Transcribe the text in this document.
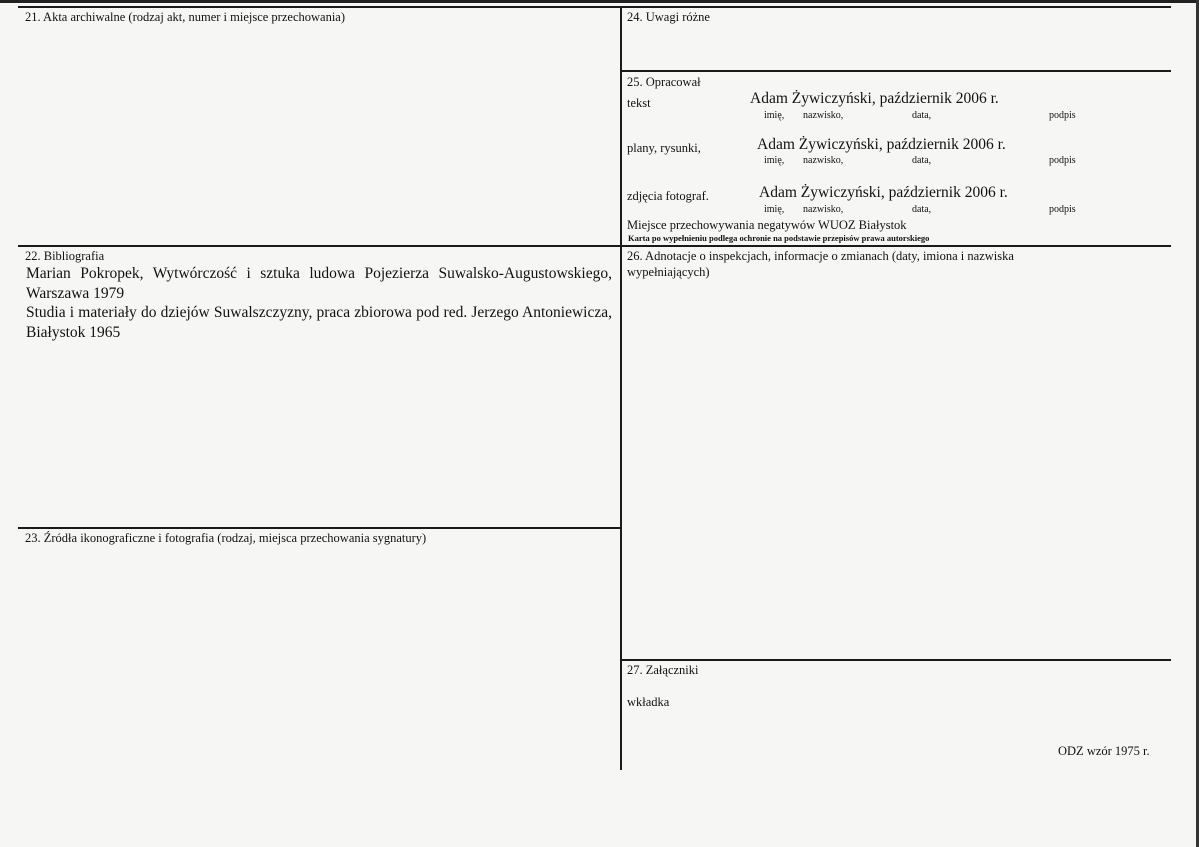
21. Akta archiwalne (rodzaj akt, numer i miejsce przechowania)
22. Bibliografia

Marian Pokropek, Wytwórczość i sztuka ludowa Pojezierza Suwalsko-Augustowskiego, Warszawa 1979

Studia i materiały do dziejów Suwalszczyzny, praca zbiorowa pod red. Jerzego Antoniewicza, Białystok 1965

23. Źródła ikonograficzne i fotografia (rodzaj, miejsca przechowania sygnatury)
24. Uwagi różne
25. Opracował
tekst	Adam Żywiczyński, październik 2006 r.
imię, nazwisko,	data,	podpis
plany, rysunki,	Adam Żywiczyński, październik 2006 r.
imię, nazwisko,	data,	podpis
zdjęcia fotograf.	Adam Żywiczyński, październik 2006 r.
imię, nazwisko,	data,	podpis
Miejsce przechowywania negatywów WUOZ Białystok
Karta po wypełnieniu podlega ochronie na podstawie przepisów prawa autorskiego
26. Adnotacje o inspekcjach, informacje o zmianach (daty, imiona i nazwiska
wypełniających)
27. Załączniki
wkładka
ODZ wzór 1975 r.
